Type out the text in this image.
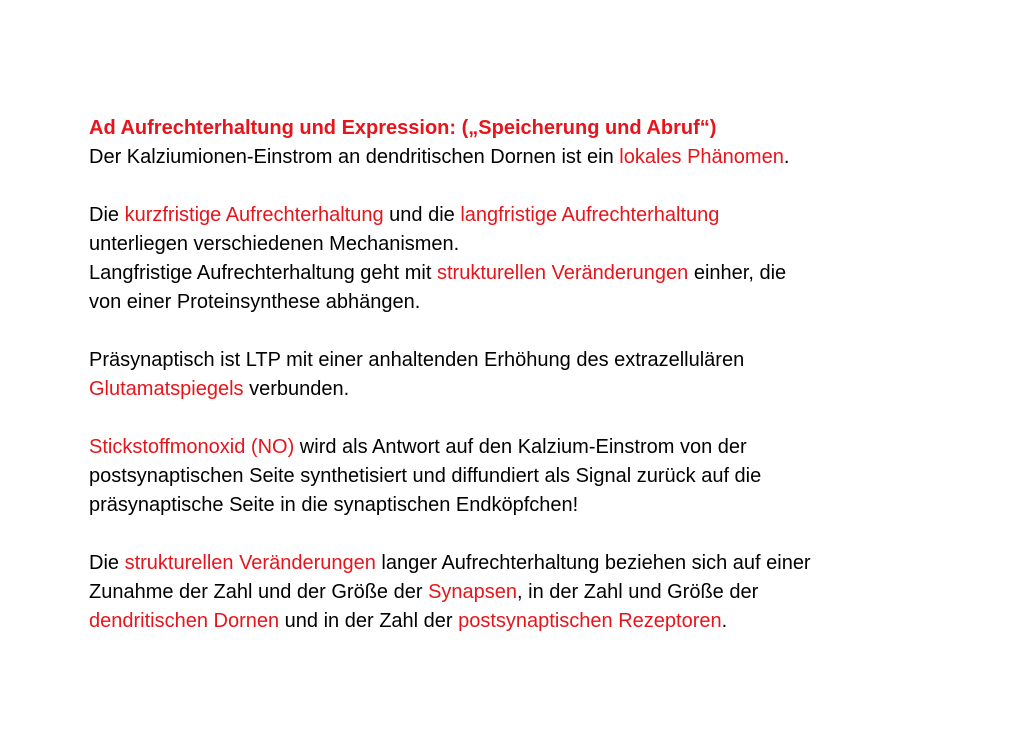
Ad Aufrechterhaltung und Expression: („Speicherung und Abruf“)

Der Kalziumionen-Einstrom an dendritischen Dornen ist ein lokales Phänomen.

Die kurzfristige Aufrechterhaltung und die langfristige Aufrechterhaltung
unterliegen verschiedenen Mechanismen.

Langfristige Aufrechterhaltung geht mit strukturellen Veränderungen einher, die
von einer Proteinsynthese abhängen.

Präsynaptisch ist LTP mit einer anhaltenden Erhöhung des extrazellulären
Glutamatspiegels verbunden.

Stickstoffmonoxid (NO) wird als Antwort auf den Kalzium-Einstrom von der
postsynaptischen Seite synthetisiert und diffundiert als Signal zurück auf die
präsynaptische Seite in die synaptischen Endköpfchen!

Die strukturellen Veränderungen langer Aufrechterhaltung beziehen sich auf einer
Zunahme der Zahl und der Größe der Synapsen, in der Zahl und Größe der
dendritischen Dornen und in der Zahl der postsynaptischen Rezeptoren.
